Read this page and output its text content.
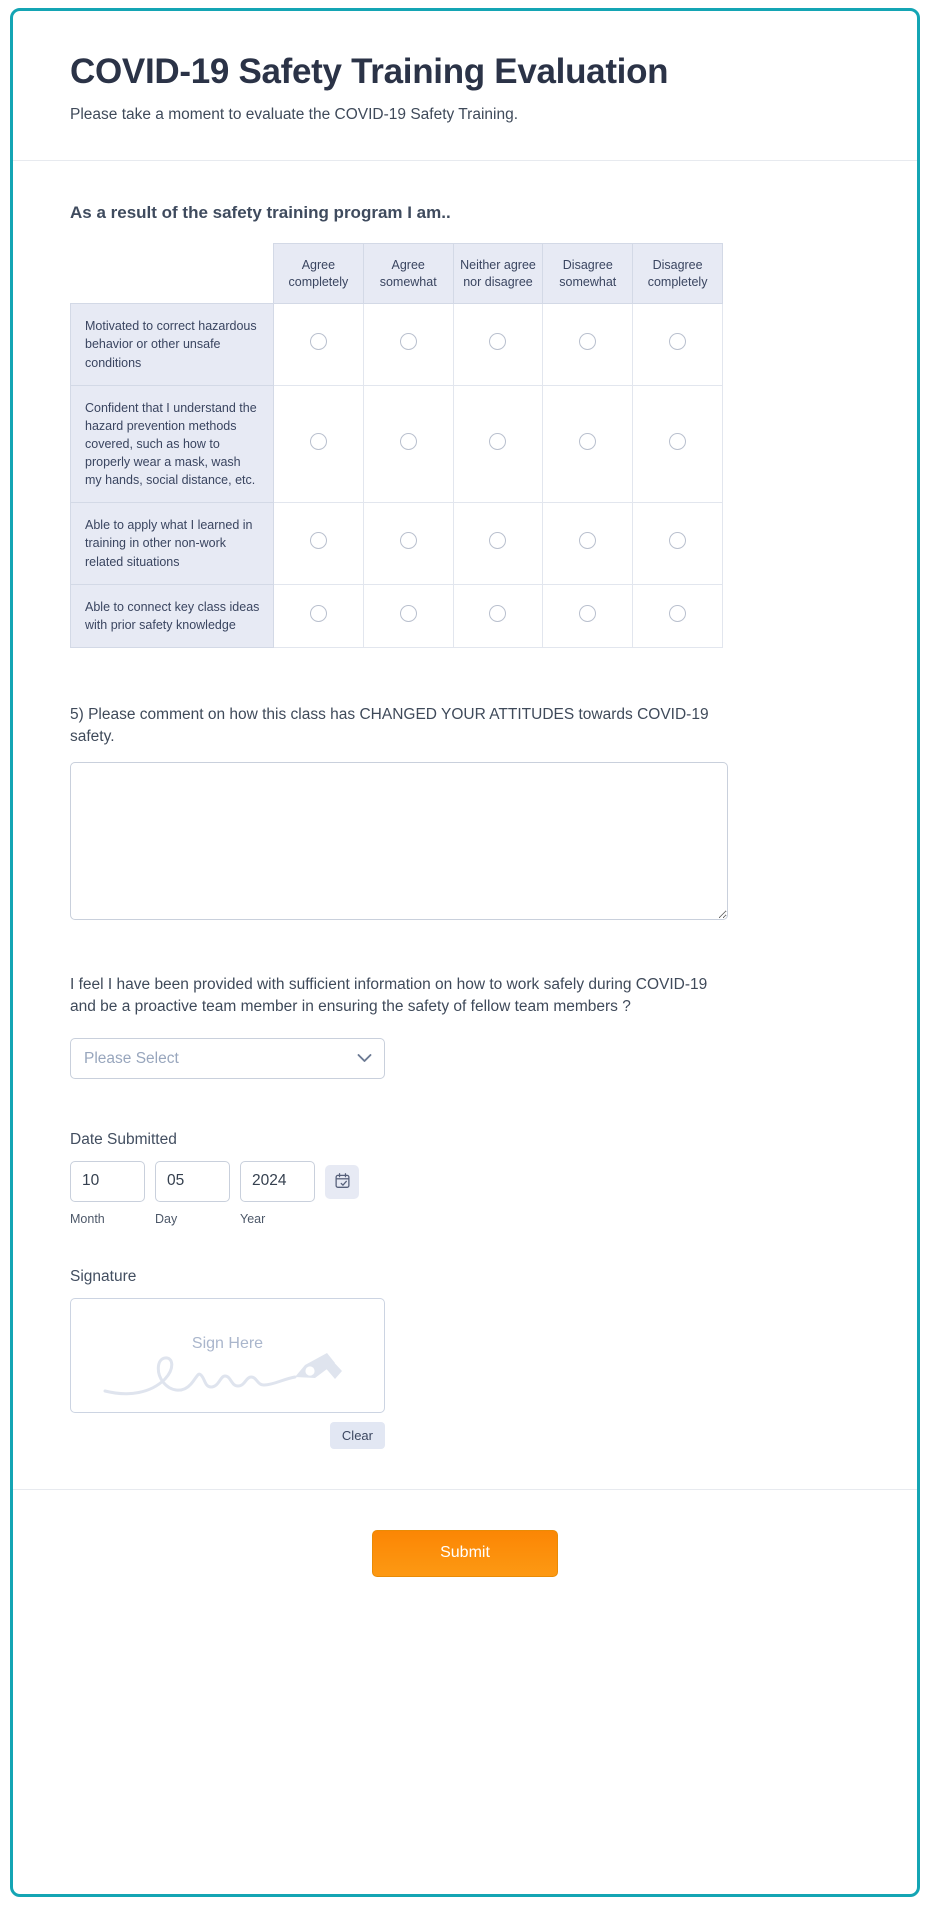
COVID-19 Safety Training Evaluation

Please take a moment to evaluate the COVID-19 Safety Training.

As a result of the safety training program I am..
	Agree completely	Agree somewhat	Neither agree nor disagree	Disagree somewhat	Disagree completely
Motivated to correct hazardous behavior or other unsafe conditions					
Confident that I understand the hazard prevention methods covered, such as how to properly wear a mask, wash my hands, social distance, etc.					
Able to apply what I learned in training in other non-work related situations					
Able to connect key class ideas with prior safety knowledge					

5) Please comment on how this class has CHANGED YOUR ATTITUDES towards COVID-19 safety.

I feel I have been provided with sufficient information on how to work safely during COVID-19 and be a proactive team member in ensuring the safety of fellow team members ?

Please Select
Date Submitted
10
Month
05	Day
2024	Year
Signature
Sign Here
Clear
Submit
